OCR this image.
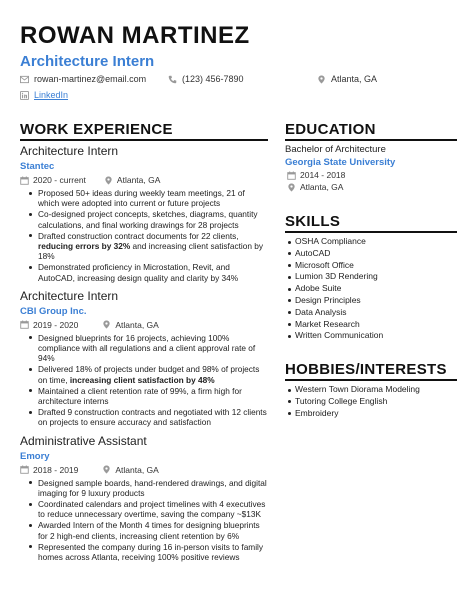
ROWAN MARTINEZ
Architecture Intern
rowan-martinez@email.com	(123) 456-7890	Atlanta, GA
LinkedIn
WORK EXPERIENCE	EDUCATION
SKILLS
HOBBIES/INTERESTS
Architecture Intern
Stantec
2020 - current	Atlanta, GA
Proposed 50+ ideas during weekly team meetings, 21 of which were adopted into current or future projects
Co-designed project concepts, sketches, diagrams, quantity calculations, and final working drawings for 28 projects
Drafted construction contract documents for 22 clients, reducing errors by 32% and increasing client satisfaction by 18%
Demonstrated proficiency in Microstation, Revit, and AutoCAD, increasing design quality and clarity by 34%
Architecture Intern
CBI Group Inc.
2019 - 2020	Atlanta, GA
Designed blueprints for 16 projects, achieving 100% compliance with all regulations and a client approval rate of 94%
Delivered 18% of projects under budget and 98% of projects on time, increasing client satisfaction by 48%
Maintained a client retention rate of 99%, a firm high for architecture interns
Drafted 9 construction contracts and negotiated with 12 clients on projects to ensure accuracy and satisfaction
Administrative Assistant
Emory
2018 - 2019	Atlanta, GA
Designed sample boards, hand-rendered drawings, and digital imaging for 9 luxury products
Coordinated calendars and project timelines with 4 executives to reduce unnecessary overtime, saving the company ~$13K
Awarded Intern of the Month 4 times for designing blueprints for 2 high-end clients, increasing client retention by 6%
Represented the company during 16 in-person visits to family homes across Atlanta, receiving 100% positive reviews
Bachelor of Architecture
Georgia State University
2014 - 2018
Atlanta, GA
OSHA Compliance
AutoCAD
Microsoft Office
Lumion 3D Rendering
Adobe Suite
Design Principles
Data Analysis
Market Research
Written Communication
Western Town Diorama Modeling
Tutoring College English
Embroidery
